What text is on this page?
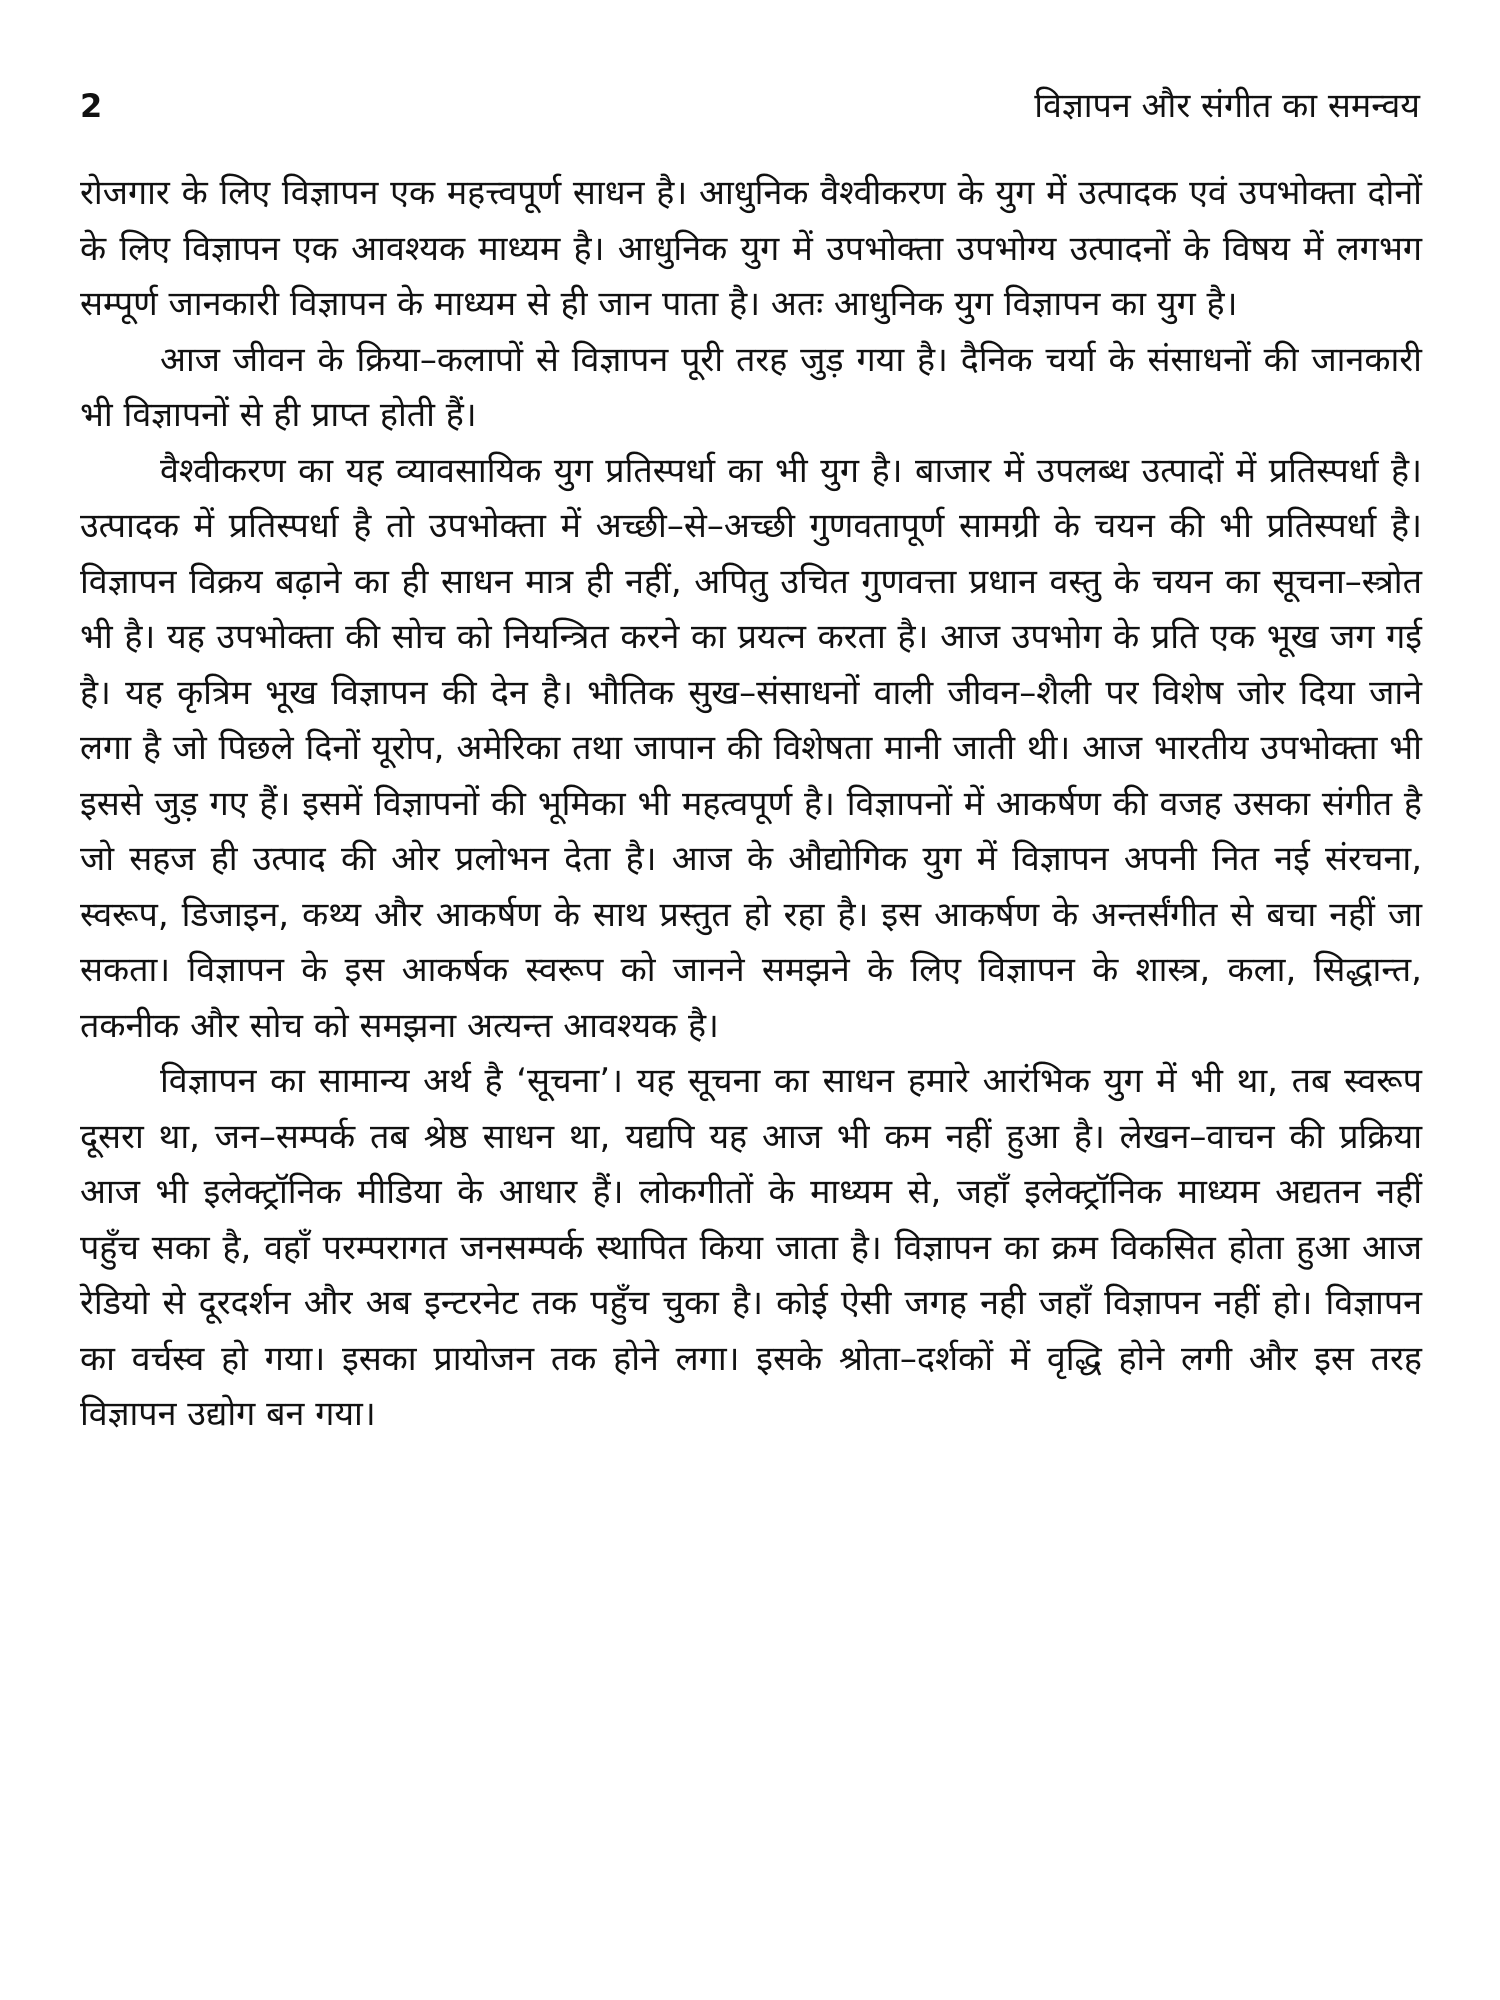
2	विज्ञापन और संगीत का समन्वय

रोजगार के लिए विज्ञापन एक महत्त्वपूर्ण साधन है। आधुनिक वैश्वीकरण के युग में उत्पादक एवं उपभोक्ता दोनों के लिए विज्ञापन एक आवश्यक माध्यम है। आधुनिक युग में उपभोक्ता उपभोग्य उत्पादनों के विषय में लगभग सम्पूर्ण जानकारी विज्ञापन के माध्यम से ही जान पाता है। अतः आधुनिक युग विज्ञापन का युग है।

आज जीवन के क्रिया–कलापों से विज्ञापन पूरी तरह जुड़ गया है। दैनिक चर्या के संसाधनों की जानकारी भी विज्ञापनों से ही प्राप्त होती हैं।

वैश्वीकरण का यह व्यावसायिक युग प्रतिस्पर्धा का भी युग है। बाजार में उपलब्ध उत्पादों में प्रतिस्पर्धा है। उत्पादक में प्रतिस्पर्धा है तो उपभोक्ता में अच्छी–से–अच्छी गुणवतापूर्ण सामग्री के चयन की भी प्रतिस्पर्धा है। विज्ञापन विक्रय बढ़ाने का ही साधन मात्र ही नहीं, अपितु उचित गुणवत्ता प्रधान वस्तु के चयन का सूचना–स्त्रोत भी है। यह उपभोक्ता की सोच को नियन्त्रित करने का प्रयत्न करता है। आज उपभोग के प्रति एक भूख जग गई है। यह कृत्रिम भूख विज्ञापन की देन है। भौतिक सुख–संसाधनों वाली जीवन–शैली पर विशेष जोर दिया जाने लगा है जो पिछले दिनों यूरोप, अमेरिका तथा जापान की विशेषता मानी जाती थी। आज भारतीय उपभोक्ता भी इससे जुड़ गए हैं। इसमें विज्ञापनों की भूमिका भी महत्वपूर्ण है। विज्ञापनों में आकर्षण की वजह उसका संगीत है जो सहज ही उत्पाद की ओर प्रलोभन देता है। आज के औद्योगिक युग में विज्ञापन अपनी नित नई संरचना, स्वरूप, डिजाइन, कथ्य और आकर्षण के साथ प्रस्तुत हो रहा है। इस आकर्षण के अन्तर्संगीत से बचा नहीं जा सकता। विज्ञापन के इस आकर्षक स्वरूप को जानने समझने के लिए विज्ञापन के शास्त्र, कला, सिद्धान्त, तकनीक और सोच को समझना अत्यन्त आवश्यक है।

विज्ञापन का सामान्य अर्थ है ‘सूचना’। यह सूचना का साधन हमारे आरंभिक युग में भी था, तब स्वरूप दूसरा था, जन–सम्पर्क तब श्रेष्ठ साधन था, यद्यपि यह आज भी कम नहीं हुआ है। लेखन–वाचन की प्रक्रिया आज भी इलेक्ट्रॉनिक मीडिया के आधार हैं। लोकगीतों के माध्यम से, जहाँ इलेक्ट्रॉनिक माध्यम अद्यतन नहीं पहुँच सका है, वहाँ परम्परागत जनसम्पर्क स्थापित किया जाता है। विज्ञापन का क्रम विकसित होता हुआ आज रेडियो से दूरदर्शन और अब इन्टरनेट तक पहुँच चुका है। कोई ऐसी जगह नही जहाँ विज्ञापन नहीं हो। विज्ञापन का वर्चस्व हो गया। इसका प्रायोजन तक होने लगा। इसके श्रोता–दर्शकों में वृद्धि होने लगी और इस तरह विज्ञापन उद्योग बन गया।
